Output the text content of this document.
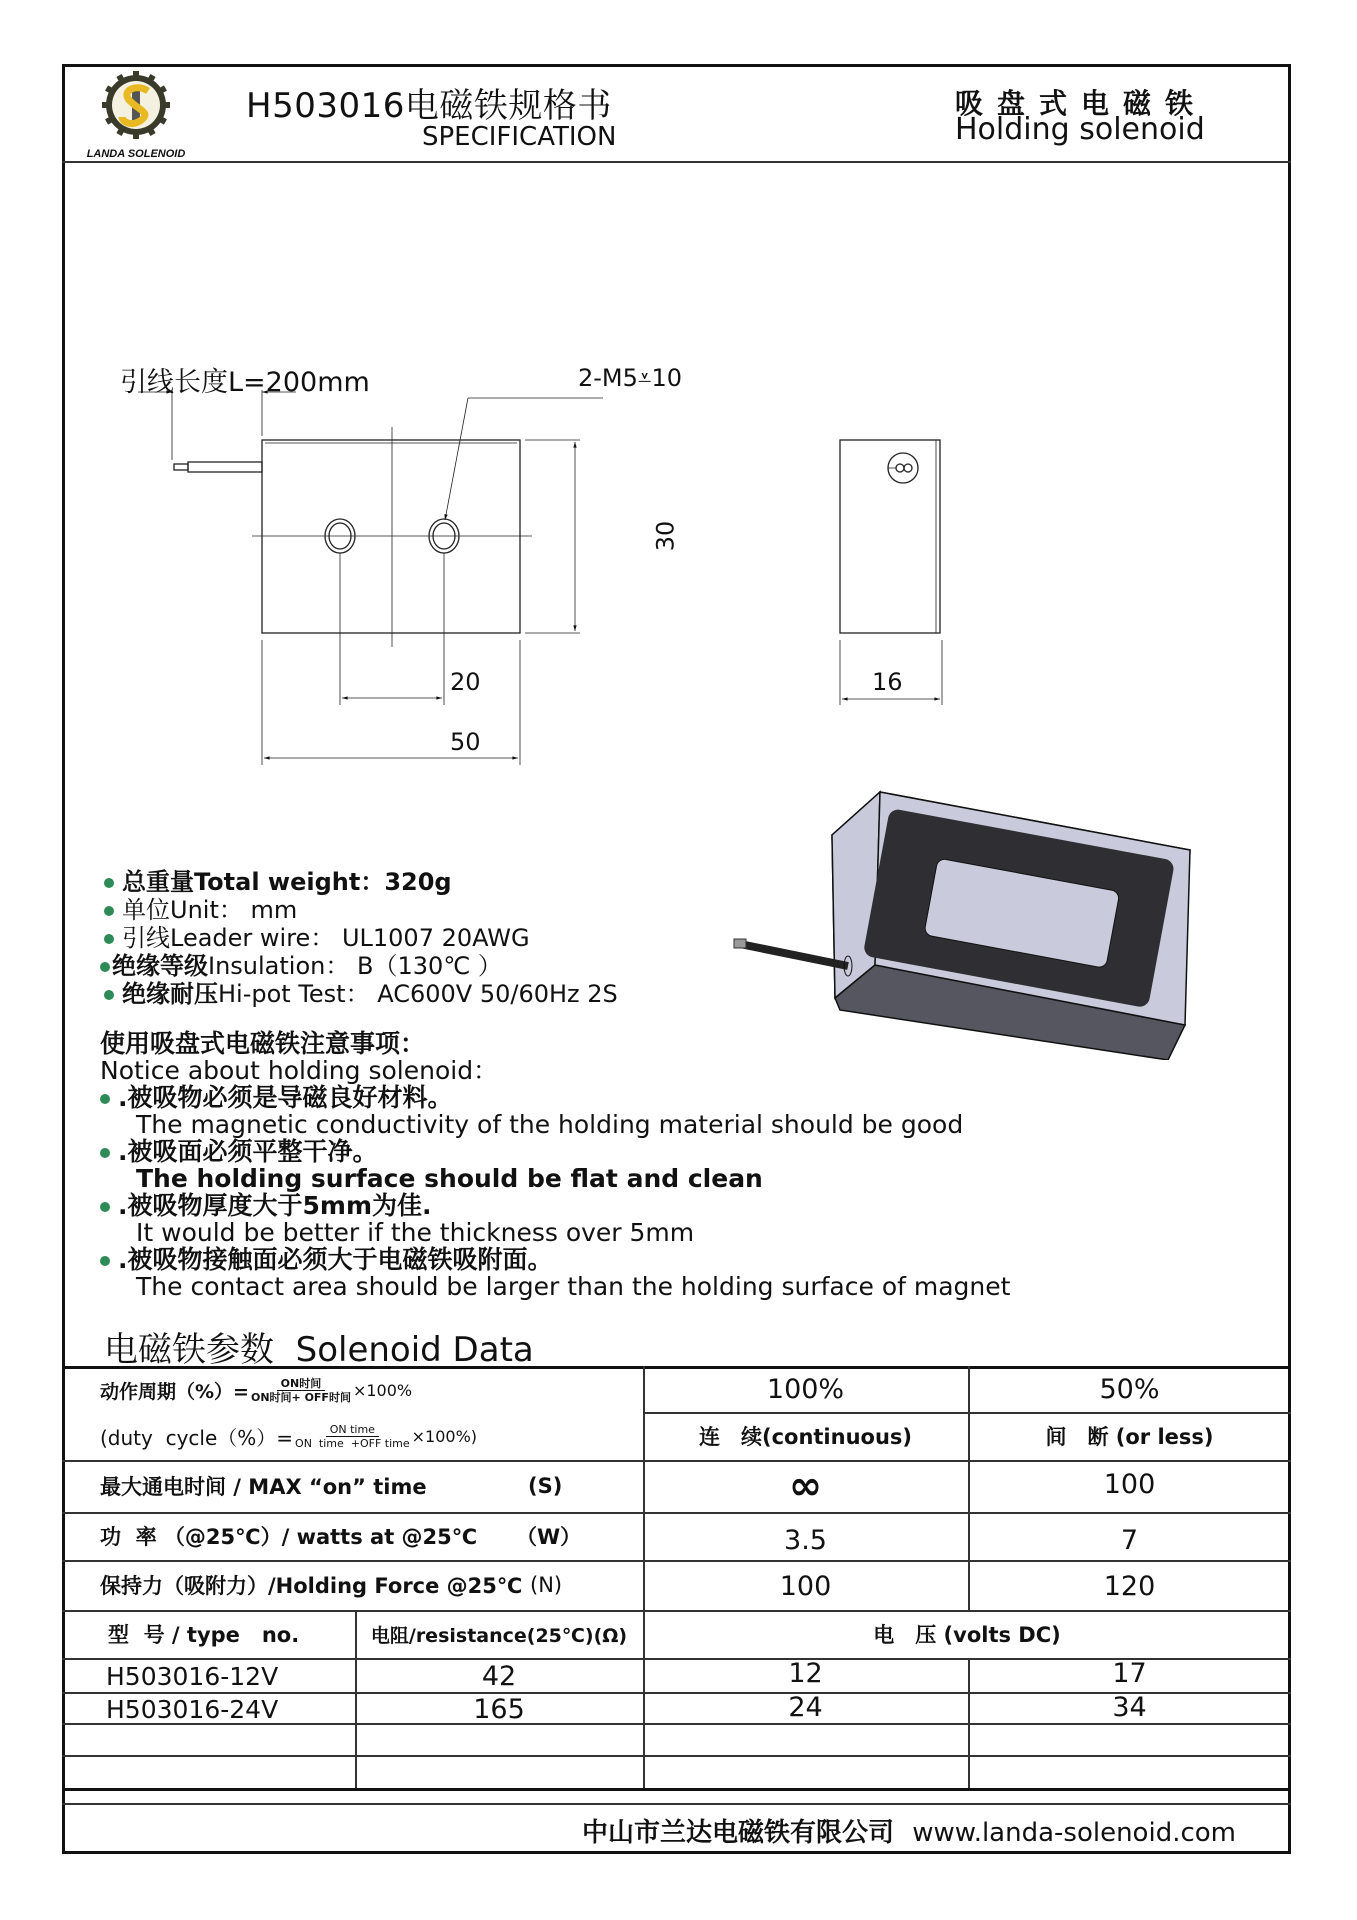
LANDA SOLENOID
H503016电磁铁规格书
SPECIFICATION
吸盘式电磁铁
Holding solenoid
引线长度L=200mm	2-M5⩡10
30
20
50
16
总重量Total weight：320g
单位Unit： mm
引线Leader wire： UL1007 20AWG
绝缘等级Insulation： B（130℃ ）
绝缘耐压Hi-pot Test： AC600V 50/60Hz 2S
使用吸盘式电磁铁注意事项：
Notice about holding solenoid：
.被吸物必须是导磁良好材料。
The magnetic conductivity of the holding material should be good
.被吸面必须平整干净。
The holding surface should be flat and clean
.被吸物厚度大于5mm为佳.
It would be better if the thickness over 5mm
.被吸物接触面必须大于电磁铁吸附面。
The contact area should be larger than the holding surface of magnet
电磁铁参数  Solenoid Data
动作周期（%）= $\frac{\text{ON时间}}{\text{ON时间+ OFF时间}} \times 100\%$
(duty  cycle（%）= $\frac{\text{ON time}}{\text{ON  time  +OFF time}} \times 100\%$)
100%	50%
连　续(continuous)	间　断 (or less)
最大通电时间 / MAX “on” time	(S)	∞	100
功  率 （@25℃）/ watts at @25℃ （W）	3.5	7
保持力（吸附力）/Holding Force @25℃ (N)	100	120
型  号 / type   no.	电阻/resistance(25℃)(Ω)	电　压 (volts DC)
H503016-12V	42	12	17
H503016-24V	165	24	34
中山市兰达电磁铁有限公司 www.landa-solenoid.com
